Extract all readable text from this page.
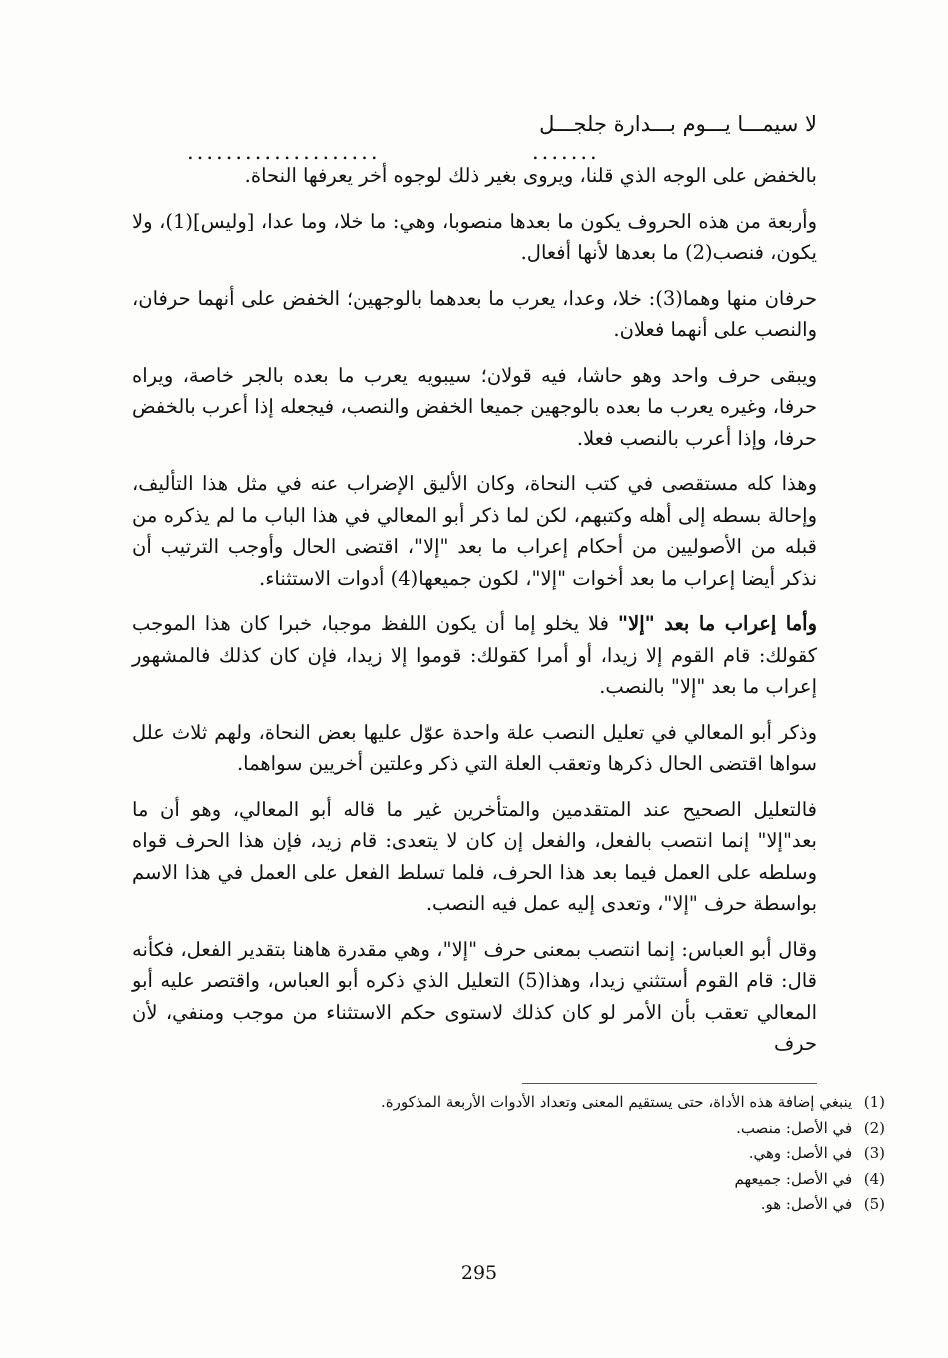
لا سيمـــا يـــوم بـــدارة جلجـــل
....................	.......

بالخفض على الوجه الذي قلنا، ويروى بغير ذلك لوجوه أخر يعرفها النحاة.

وأربعة من هذه الحروف يكون ما بعدها منصوبا، وهي: ما خلا، وما عدا، [وليس](1)، ولا يكون، فنصب(2) ما بعدها لأنها أفعال.

حرفان منها وهما(3): خلا، وعدا، يعرب ما بعدهما بالوجهين؛ الخفض على أنهما حرفان، والنصب على أنهما فعلان.

ويبقى حرف واحد وهو حاشا، فيه قولان؛ سيبويه يعرب ما بعده بالجر خاصة، ويراه حرفا، وغيره يعرب ما بعده بالوجهين جميعا الخفض والنصب، فيجعله إذا أعرب بالخفض حرفا، وإذا أعرب بالنصب فعلا.

وهذا كله مستقصى في كتب النحاة، وكان الأليق الإضراب عنه في مثل هذا التأليف، وإحالة بسطه إلى أهله وكتبهم، لكن لما ذكر أبو المعالي في هذا الباب ما لم يذكره من قبله من الأصوليين من أحكام إعراب ما بعد "إلا"، اقتضى الحال وأوجب الترتيب أن نذكر أيضا إعراب ما بعد أخوات "إلا"، لكون جميعها(4) أدوات الاستثناء.

وأما إعراب ما بعد "إلا" فلا يخلو إما أن يكون اللفظ موجبا، خبرا كان هذا الموجب كقولك: قام القوم إلا زيدا، أو أمرا كقولك: قوموا إلا زيدا، فإن كان كذلك فالمشهور إعراب ما بعد "إلا" بالنصب.

وذكر أبو المعالي في تعليل النصب علة واحدة عوّل عليها بعض النحاة، ولهم ثلاث علل سواها اقتضى الحال ذكرها وتعقب العلة التي ذكر وعلتين أخريين سواهما.

فالتعليل الصحيح عند المتقدمين والمتأخرين غير ما قاله أبو المعالي، وهو أن ما بعد"إلا" إنما انتصب بالفعل، والفعل إن كان لا يتعدى: قام زيد، فإن هذا الحرف قواه وسلطه على العمل فيما بعد هذا الحرف، فلما تسلط الفعل على العمل في هذا الاسم بواسطة حرف "إلا"، وتعدى إليه عمل فيه النصب.

وقال أبو العباس: إنما انتصب بمعنى حرف "إلا"، وهي مقدرة هاهنا بتقدير الفعل، فكأنه قال: قام القوم أستثني زيدا، وهذا(5) التعليل الذي ذكره أبو العباس، واقتصر عليه أبو المعالي تعقب بأن الأمر لو كان كذلك لاستوى حكم الاستثناء من موجب ومنفي، لأن حرف

(1) ينبغي إضافة هذه الأداة، حتى يستقيم المعنى وتعداد الأدوات الأربعة المذكورة.
(2) في الأصل: منصب.
(3) في الأصل: وهي.
(4) في الأصل: جميعهم
(5) في الأصل: هو.
295
